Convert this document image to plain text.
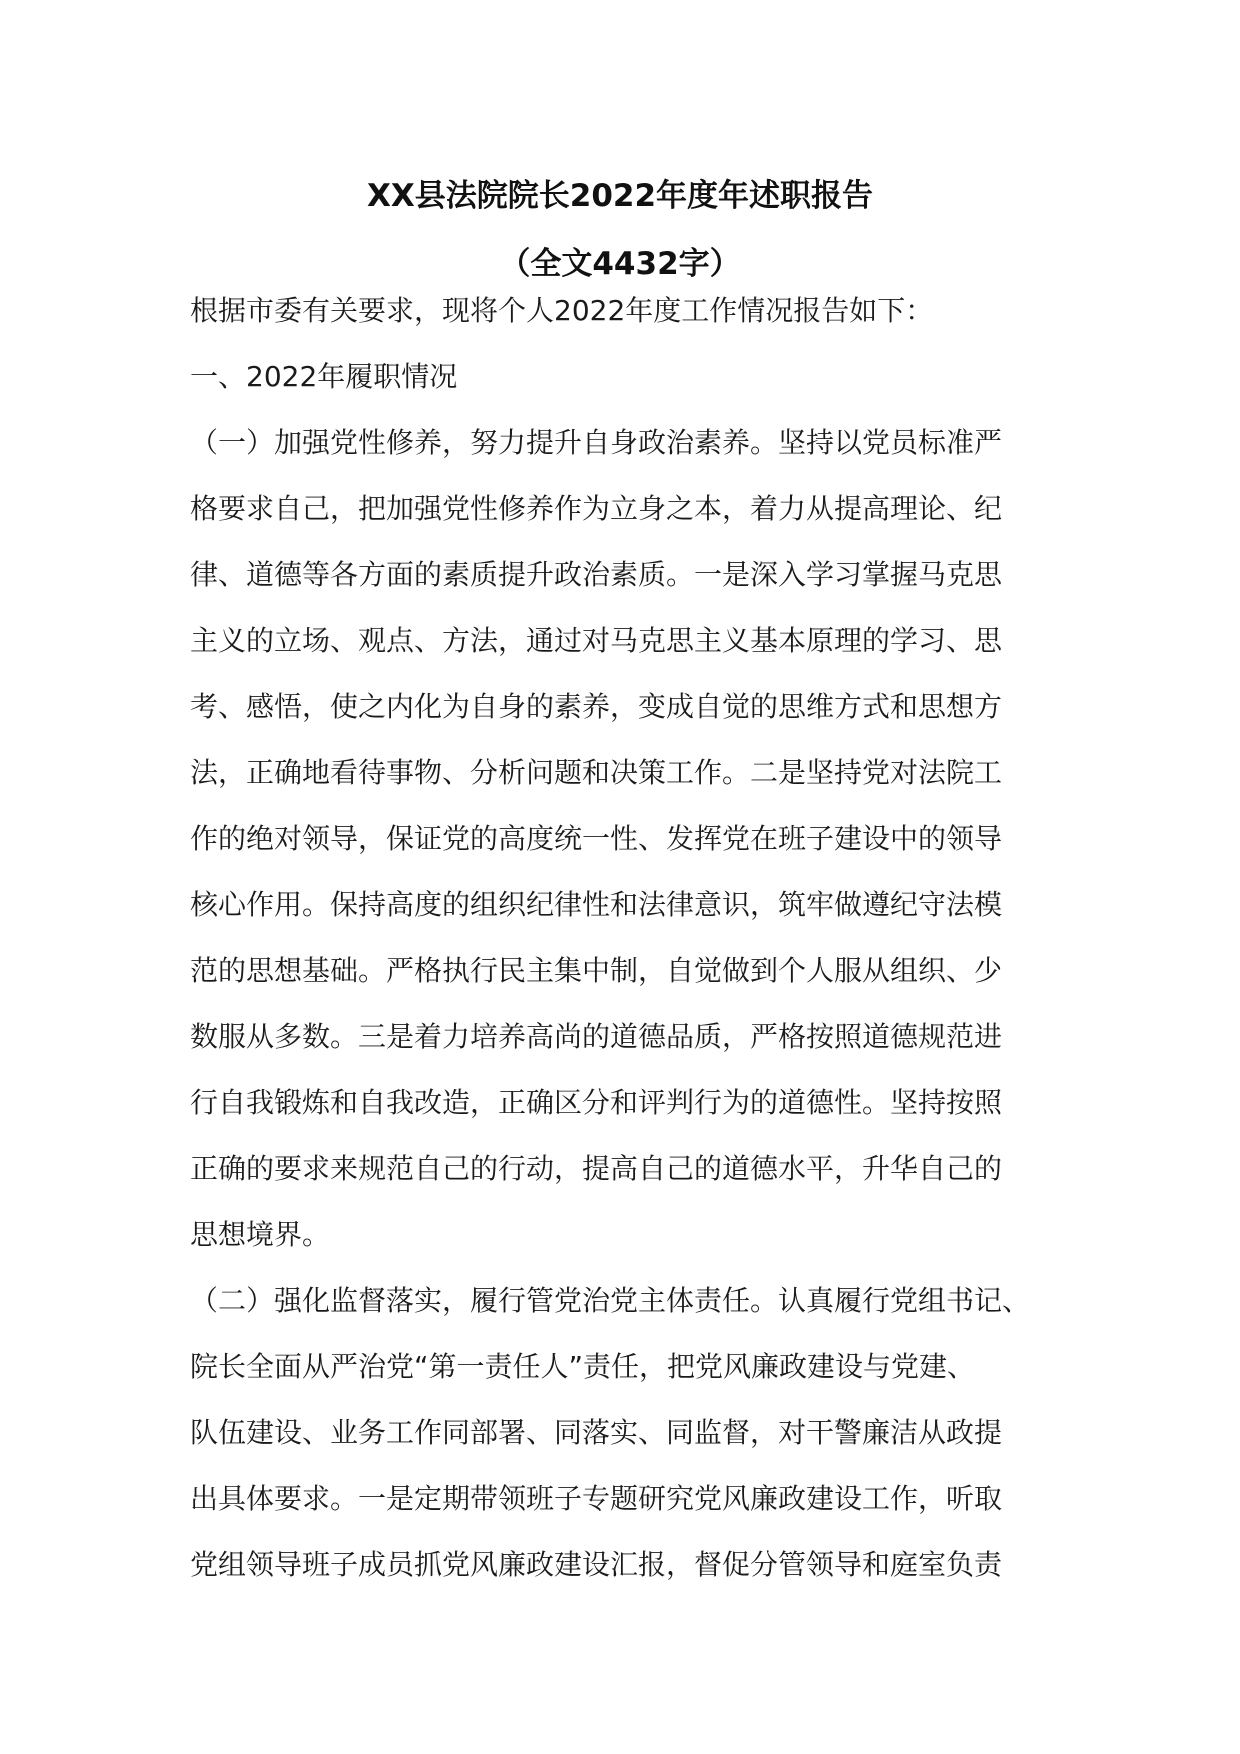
XX县法院院长2022年度年述职报告
（全文4432字）

根据市委有关要求，现将个人2022年度工作情况报告如下：

一、2022年履职情况

（一）加强党性修养，努力提升自身政治素养。坚持以党员标准严

格要求自己，把加强党性修养作为立身之本，着力从提高理论、纪

律、道德等各方面的素质提升政治素质。一是深入学习掌握马克思

主义的立场、观点、方法，通过对马克思主义基本原理的学习、思

考、感悟，使之内化为自身的素养，变成自觉的思维方式和思想方

法，正确地看待事物、分析问题和决策工作。二是坚持党对法院工

作的绝对领导，保证党的高度统一性、发挥党在班子建设中的领导

核心作用。保持高度的组织纪律性和法律意识，筑牢做遵纪守法模

范的思想基础。严格执行民主集中制，自觉做到个人服从组织、少

数服从多数。三是着力培养高尚的道德品质，严格按照道德规范进

行自我锻炼和自我改造，正确区分和评判行为的道德性。坚持按照

正确的要求来规范自己的行动，提高自己的道德水平，升华自己的

思想境界。

（二）强化监督落实，履行管党治党主体责任。认真履行党组书记、

院长全面从严治党“第一责任人”责任，把党风廉政建设与党建、

队伍建设、业务工作同部署、同落实、同监督，对干警廉洁从政提

出具体要求。一是定期带领班子专题研究党风廉政建设工作，听取

党组领导班子成员抓党风廉政建设汇报，督促分管领导和庭室负责
